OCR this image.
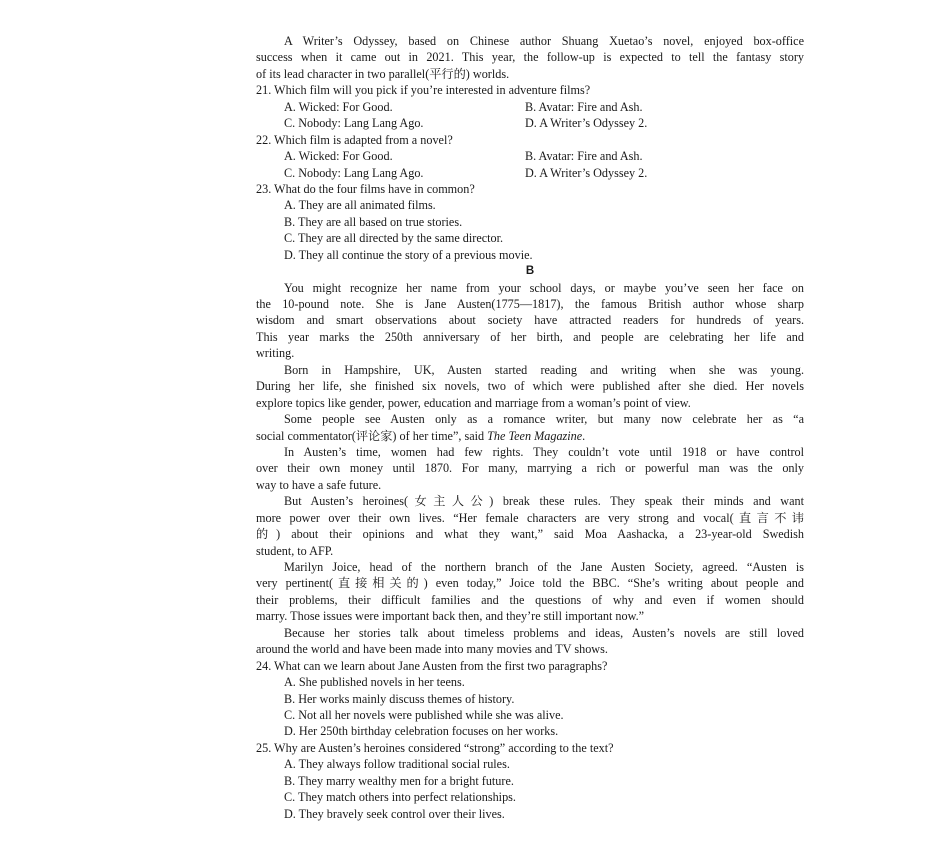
A Writer’s Odyssey, based on Chinese author Shuang Xuetao’s novel, enjoyed box-office
success when it came out in 2021. This year, the follow-up is expected to tell the fantasy story
of its lead character in two parallel(平行的) worlds.
21. Which film will you pick if you’re interested in adventure films?
A. Wicked: For Good.	B. Avatar: Fire and Ash.
C. Nobody: Lang Lang Ago.	D. A Writer’s Odyssey 2.
22. Which film is adapted from a novel?
A. Wicked: For Good.	B. Avatar: Fire and Ash.
C. Nobody: Lang Lang Ago.	D. A Writer’s Odyssey 2.
23. What do the four films have in common?
A. They are all animated films.
B. They are all based on true stories.
C. They are all directed by the same director.
D. They all continue the story of a previous movie.
B
You might recognize her name from your school days, or maybe you’ve seen her face on
the 10-pound note. She is Jane Austen(1775—1817), the famous British author whose sharp
wisdom and smart observations about society have attracted readers for hundreds of years.
This year marks the 250th anniversary of her birth, and people are celebrating her life and
writing.
Born in Hampshire, UK, Austen started reading and writing when she was young.
During her life, she finished six novels, two of which were published after she died. Her novels
explore topics like gender, power, education and marriage from a woman’s point of view.
Some people see Austen only as a romance writer, but many now celebrate her as “a
social commentator(评论家) of her time”, said The Teen Magazine.
In Austen’s time, women had few rights. They couldn’t vote until 1918 or have control
over their own money until 1870. For many, marrying a rich or powerful man was the only
way to have a safe future.
But Austen’s heroines(女主人公) break these rules. They speak their minds and want
more power over their own lives. “Her female characters are very strong and vocal(直言不讳
的) about their opinions and what they want,” said Moa Aashacka, a 23-year-old Swedish
student, to AFP.
Marilyn Joice, head of the northern branch of the Jane Austen Society, agreed. “Austen is
very pertinent(直接相关的) even today,” Joice told the BBC. “She’s writing about people and
their problems, their difficult families and the questions of why and even if women should
marry. Those issues were important back then, and they’re still important now.”
Because her stories talk about timeless problems and ideas, Austen’s novels are still loved
around the world and have been made into many movies and TV shows.
24. What can we learn about Jane Austen from the first two paragraphs?
A. She published novels in her teens.
B. Her works mainly discuss themes of history.
C. Not all her novels were published while she was alive.
D. Her 250th birthday celebration focuses on her works.
25. Why are Austen’s heroines considered “strong” according to the text?
A. They always follow traditional social rules.
B. They marry wealthy men for a bright future.
C. They match others into perfect relationships.
D. They bravely seek control over their lives.
